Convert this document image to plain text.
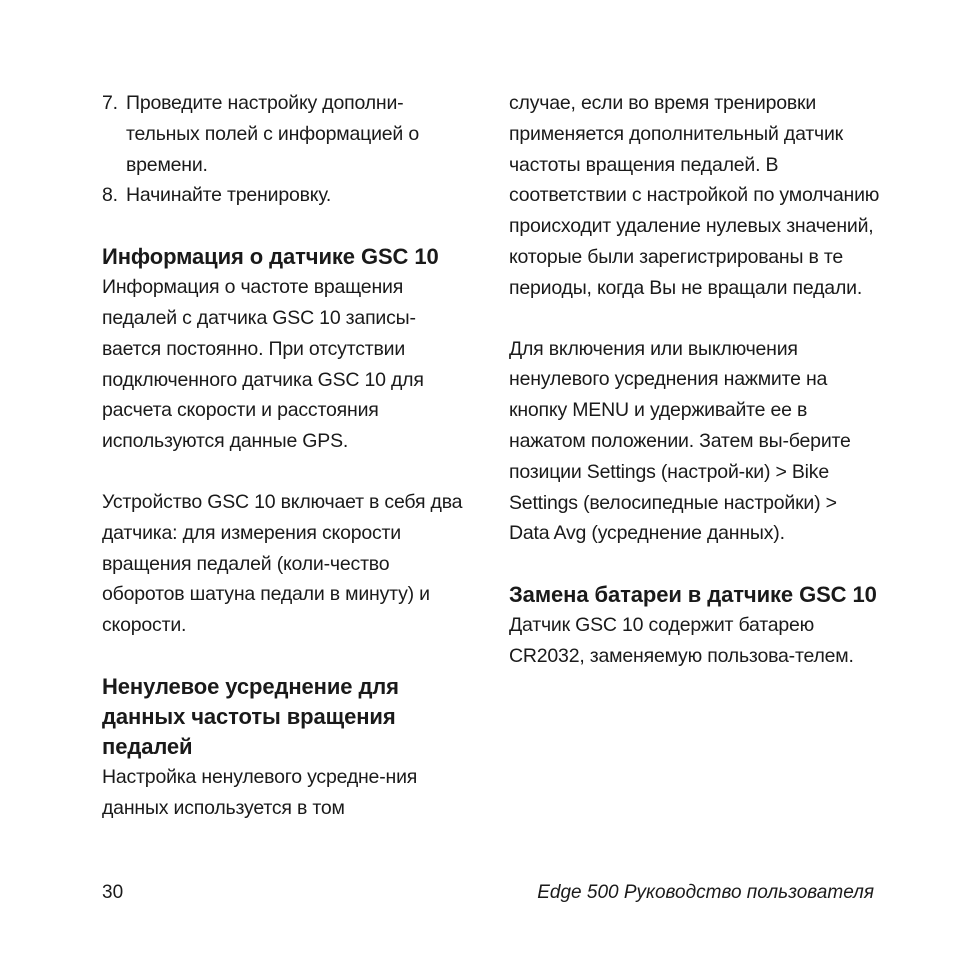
7. Проведите настройку дополни-тельных полей с информацией о времени.
8. Начинайте тренировку.
Информация о датчике GSC 10

Информация о частоте вращения педалей с датчика GSC 10 записы-вается постоянно. При отсутствии подключенного датчика GSC 10 для расчета скорости и расстояния используются данные GPS.

Устройство GSC 10 включает в себя два датчика: для измерения скорости вращения педалей (коли-чество оборотов шатуна педали в минуту) и скорости.

Ненулевое усреднение для данных частоты вращения педалей

Настройка ненулевого усредне-ния данных используется в том

случае, если во время тренировки применяется дополнительный датчик частоты вращения педалей. В соответствии с настройкой по умолчанию происходит удаление нулевых значений, которые были зарегистрированы в те периоды, когда Вы не вращали педали.

Для включения или выключения ненулевого усреднения нажмите на кнопку MENU и удерживайте ее в нажатом положении. Затем вы-берите позиции Settings (настрой-ки) > Bike Settings (велосипедные настройки) > Data Avg (усреднение данных).

Замена батареи в датчике GSC 10

Датчик GSC 10 содержит батарею CR2032, заменяемую пользова-телем.

30	Edge 500 Руководство пользователя
